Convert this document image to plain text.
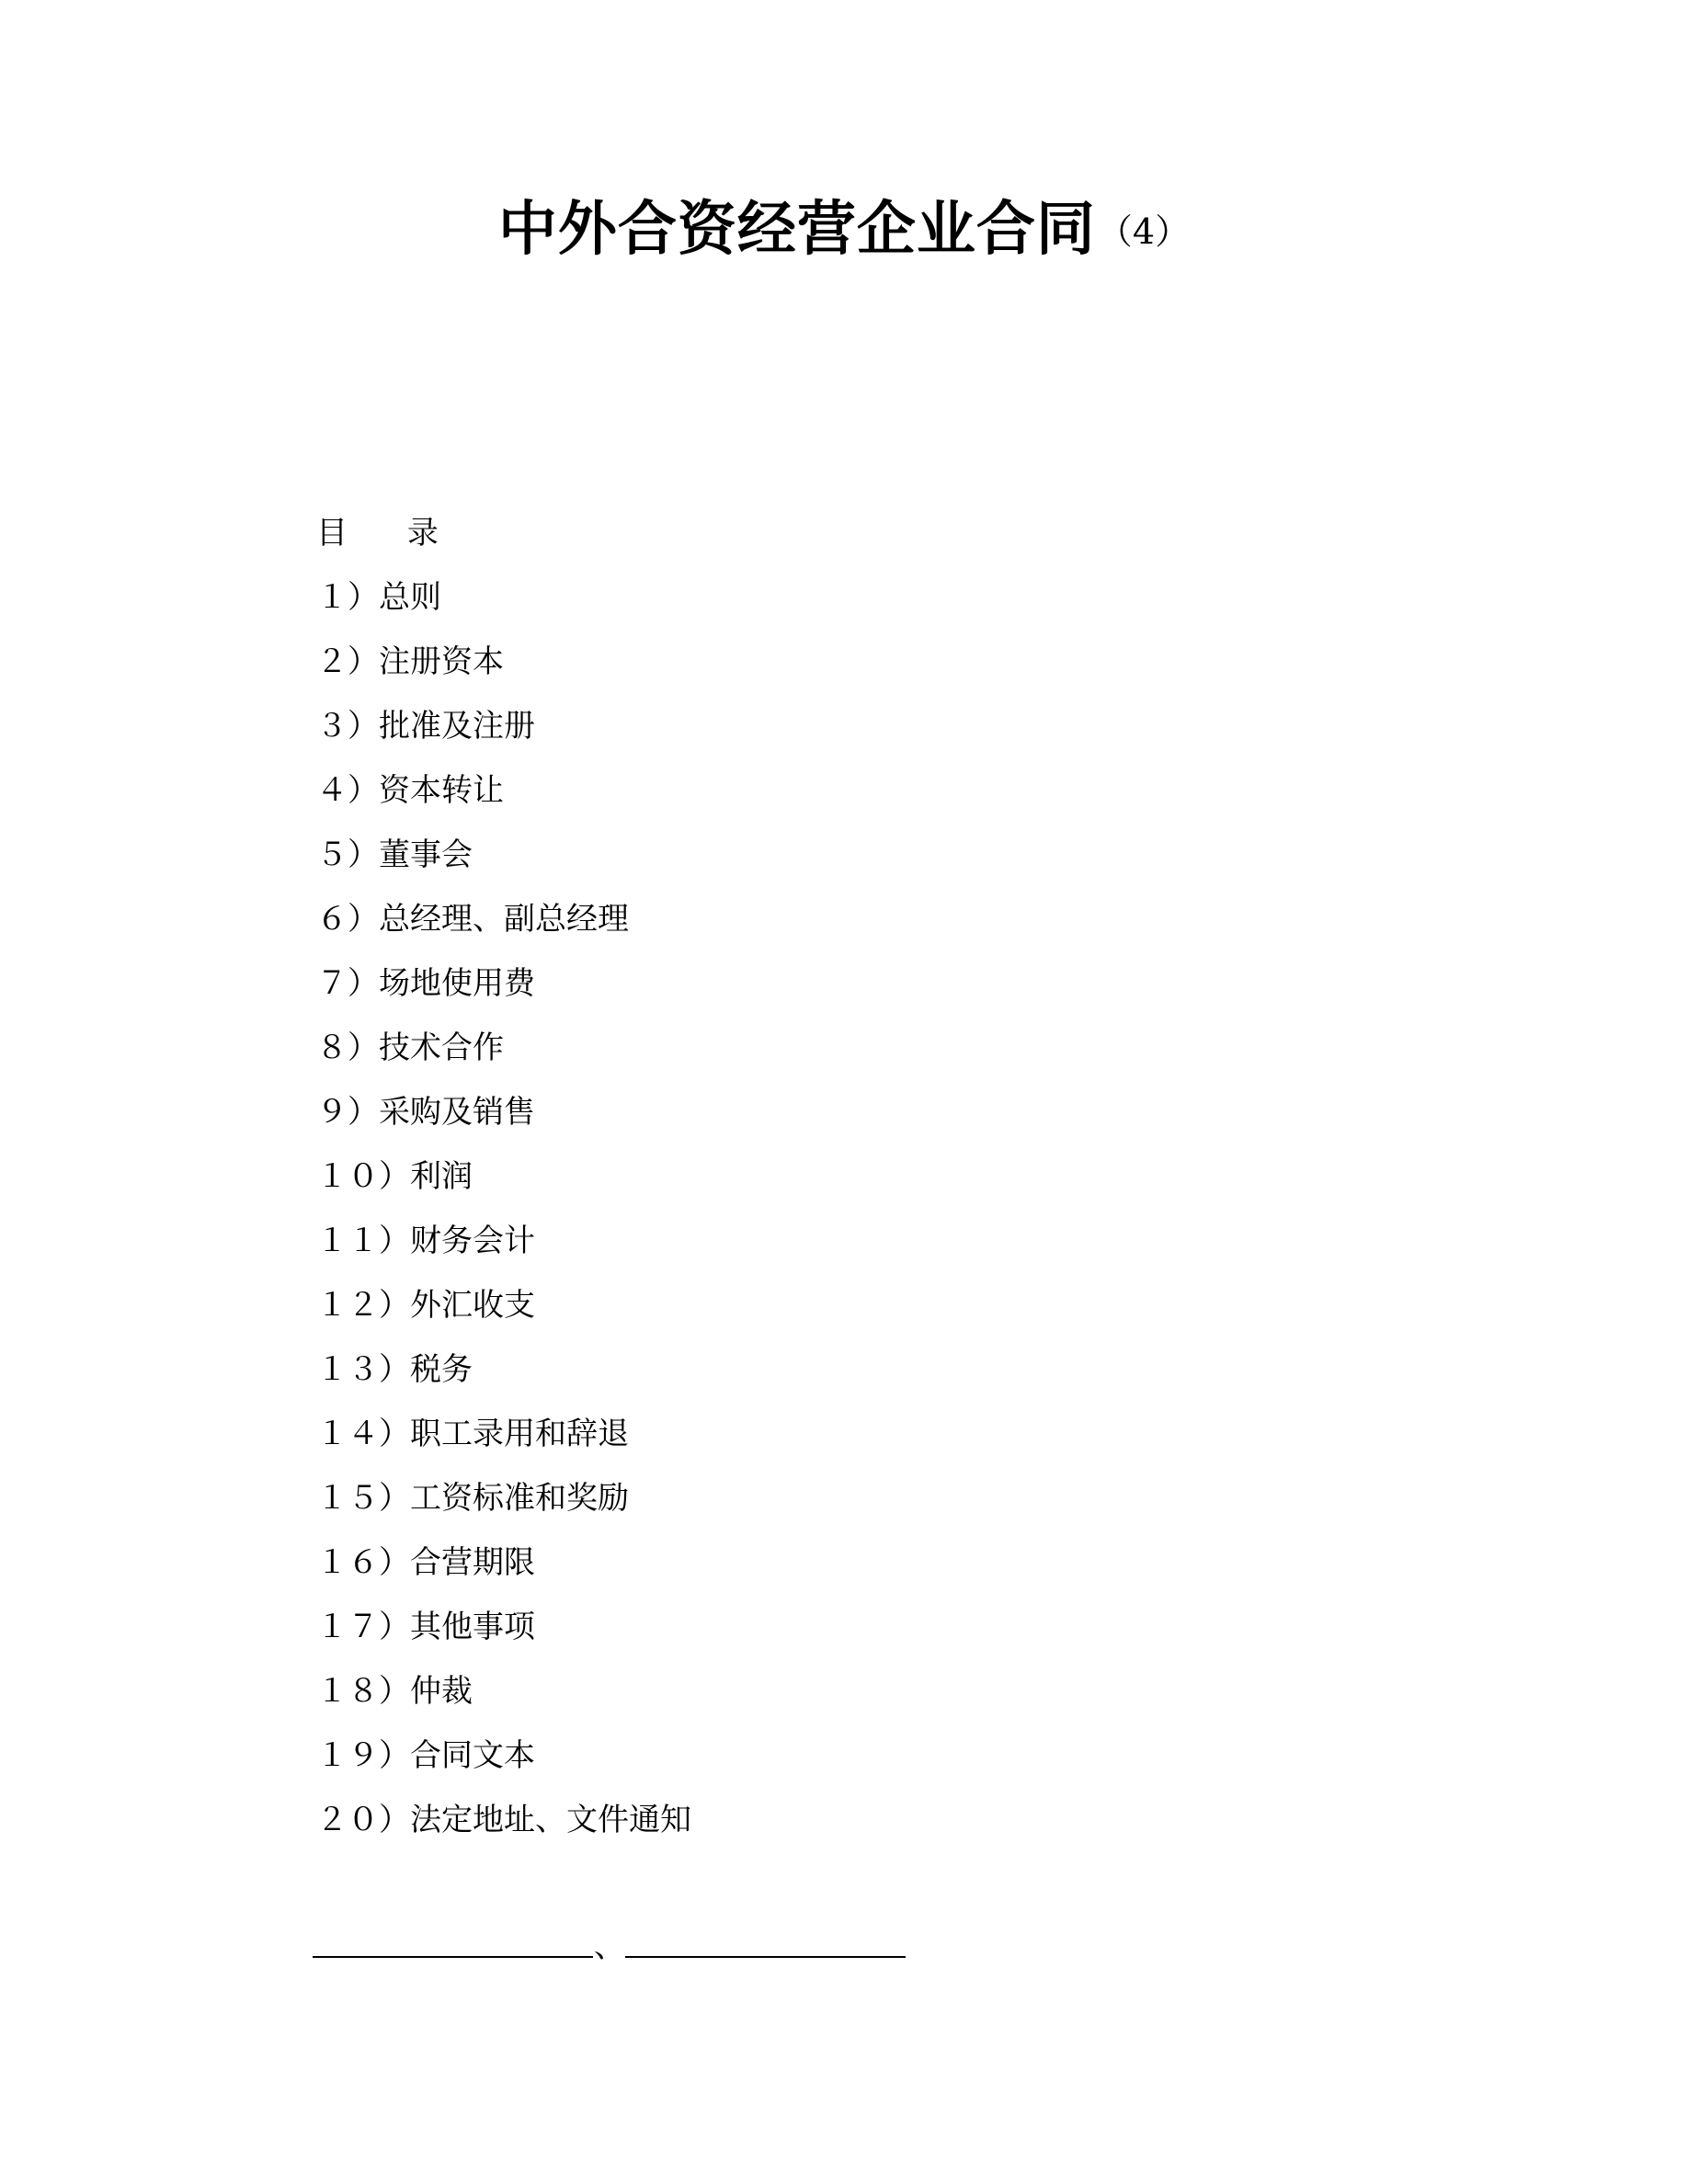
中外合资经营企业合同（4）
目      录
１）总则
２）注册资本
３）批准及注册
４）资本转让
５）董事会
６）总经理、副总经理
７）场地使用费
８）技术合作
９）采购及销售
１０）利润
１１）财务会计
１２）外汇收支
１３）税务
１４）职工录用和辞退
１５）工资标准和奖励
１６）合营期限
１７）其他事项
１８）仲裁
１９）合同文本
２０）法定地址、文件通知
、
